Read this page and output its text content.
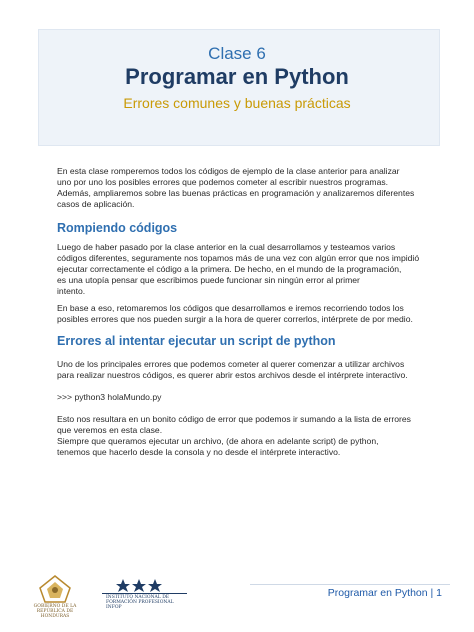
Clase 6
Programar en Python
Errores comunes y buenas prácticas

En esta clase romperemos todos los códigos de ejemplo de la clase anterior para analizar

uno por uno los posibles errores que podemos cometer al escribir nuestros programas.

Además, ampliaremos sobre las buenas prácticas en programación y analizaremos diferentes

casos de aplicación.

Rompiendo códigos

Luego de haber pasado por la clase anterior en la cual desarrollamos y testeamos varios

códigos diferentes, seguramente nos topamos más de una vez con algún error que nos impidió

ejecutar correctamente el código a la primera. De hecho, en el mundo de la programación,

es una utopía pensar que escribimos puede funcionar sin ningún error al primer

intento.

En base a eso, retomaremos los códigos que desarrollamos e iremos recorriendo todos los

posibles errores que nos pueden surgir a la hora de querer correrlos, intérprete de por medio.

Errores al intentar ejecutar un script de python

Uno de los principales errores que podemos cometer al querer comenzar a utilizar archivos

para realizar nuestros códigos, es querer abrir estos archivos desde el intérprete interactivo.

>>> python3 holaMundo.py

Esto nos resultara en un bonito código de error que podemos ir sumando a la lista de errores

que veremos en esta clase.

Siempre que queramos ejecutar un archivo, (de ahora en adelante script) de python,

tenemos que hacerlo desde la consola y no desde el intérprete interactivo.

GOBIERNO DE LA
REPÚBLICA DE HONDURAS
INSTITUTO NACIONAL DE
FORMACIÓN PROFESIONAL
INFOP
Programar en Python | 1
